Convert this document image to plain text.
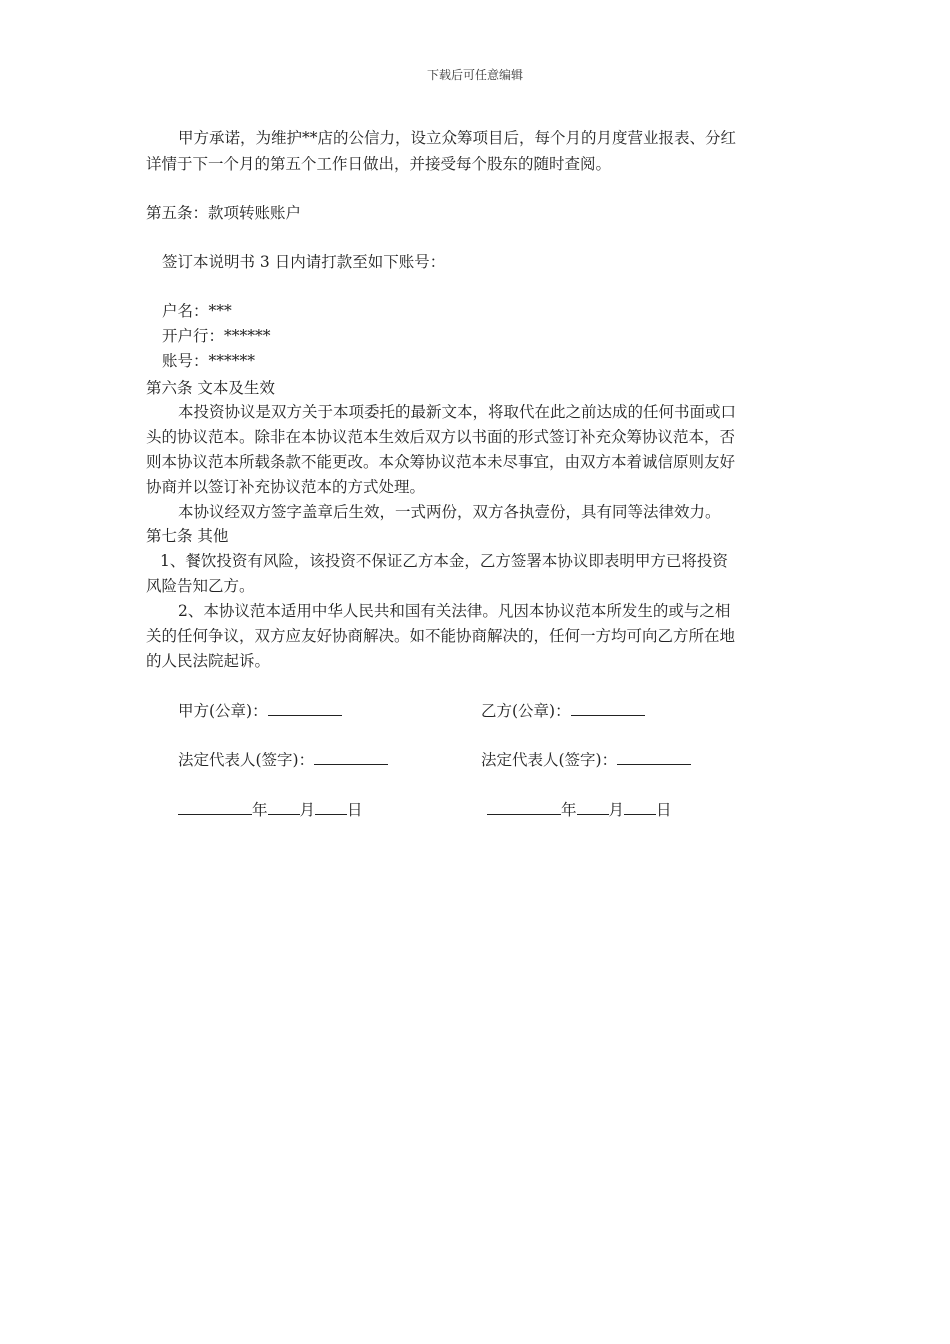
下载后可任意编辑
甲方承诺，为维护**店的公信力，设立众筹项目后，每个月的月度营业报表、分红
详情于下一个月的第五个工作日做出，并接受每个股东的随时查阅。
第五条：款项转账账户
签订本说明书 3 日内请打款至如下账号：
户名：***
开户行：******
账号：******
第六条 文本及生效
本投资协议是双方关于本项委托的最新文本，将取代在此之前达成的任何书面或口
头的协议范本。除非在本协议范本生效后双方以书面的形式签订补充众筹协议范本，否
则本协议范本所载条款不能更改。本众筹协议范本未尽事宜，由双方本着诚信原则友好
协商并以签订补充协议范本的方式处理。
本协议经双方签字盖章后生效，一式两份，双方各执壹份，具有同等法律效力。
第七条 其他
1、餐饮投资有风险，该投资不保证乙方本金，乙方签署本协议即表明甲方已将投资
风险告知乙方。
2、本协议范本适用中华人民共和国有关法律。凡因本协议范本所发生的或与之相
关的任何争议，双方应友好协商解决。如不能协商解决的，任何一方均可向乙方所在地
的人民法院起诉。
甲方(公章)：	乙方(公章)：
法定代表人(签字)：	法定代表人(签字)：
年 月 日	年 月 日
